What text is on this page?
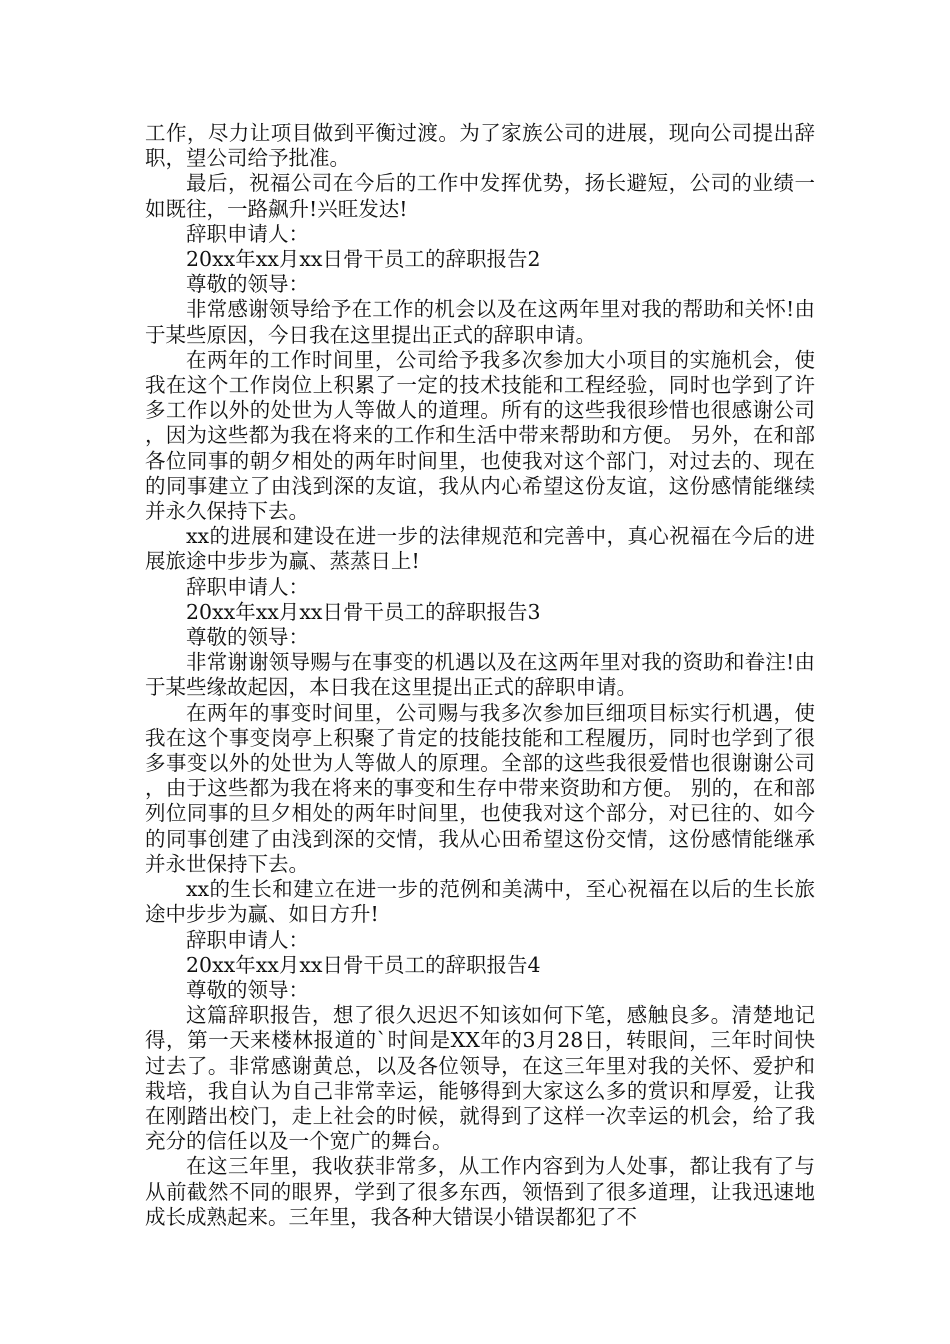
工作，尽力让项目做到平衡过渡。为了家族公司的进展，现向公司提出辞职，望公司给予批准。

最后，祝福公司在今后的工作中发挥优势，扬长避短，公司的业绩一如既往，一路飙升!兴旺发达!

辞职申请人：

20xx年xx月xx日骨干员工的辞职报告2

尊敬的领导：

非常感谢领导给予在工作的机会以及在这两年里对我的帮助和关怀!由于某些原因，今日我在这里提出正式的辞职申请。

在两年的工作时间里，公司给予我多次参加大小项目的实施机会，使我在这个工作岗位上积累了一定的技术技能和工程经验，同时也学到了许多工作以外的处世为人等做人的道理。所有的这些我很珍惜也很感谢公司，因为这些都为我在将来的工作和生活中带来帮助和方便。 另外，在和部各位同事的朝夕相处的两年时间里，也使我对这个部门，对过去的、现在的同事建立了由浅到深的友谊，我从内心希望这份友谊，这份感情能继续并永久保持下去。

xx的进展和建设在进一步的法律规范和完善中，真心祝福在今后的进展旅途中步步为赢、蒸蒸日上!

辞职申请人：

20xx年xx月xx日骨干员工的辞职报告3

尊敬的领导：

非常谢谢领导赐与在事变的机遇以及在这两年里对我的资助和眷注!由于某些缘故起因，本日我在这里提出正式的辞职申请。

在两年的事变时间里，公司赐与我多次参加巨细项目标实行机遇，使我在这个事变岗亭上积聚了肯定的技能技能和工程履历，同时也学到了很多事变以外的处世为人等做人的原理。全部的这些我很爱惜也很谢谢公司，由于这些都为我在将来的事变和生存中带来资助和方便。 别的，在和部列位同事的旦夕相处的两年时间里，也使我对这个部分，对已往的、如今的同事创建了由浅到深的交情，我从心田希望这份交情，这份感情能继承并永世保持下去。

xx的生长和建立在进一步的范例和美满中，至心祝福在以后的生长旅途中步步为赢、如日方升!

辞职申请人：

20xx年xx月xx日骨干员工的辞职报告4

尊敬的领导：

这篇辞职报告，想了很久迟迟不知该如何下笔，感触良多。清楚地记得，第一天来楼林报道的`时间是XX年的3月28日，转眼间，三年时间快过去了。非常感谢黄总，以及各位领导，在这三年里对我的关怀、爱护和栽培，我自认为自己非常幸运，能够得到大家这么多的赏识和厚爱，让我在刚踏出校门，走上社会的时候，就得到了这样一次幸运的机会，给了我充分的信任以及一个宽广的舞台。

在这三年里，我收获非常多，从工作内容到为人处事，都让我有了与从前截然不同的眼界，学到了很多东西，领悟到了很多道理，让我迅速地成长成熟起来。三年里，我各种大错误小错误都犯了不
